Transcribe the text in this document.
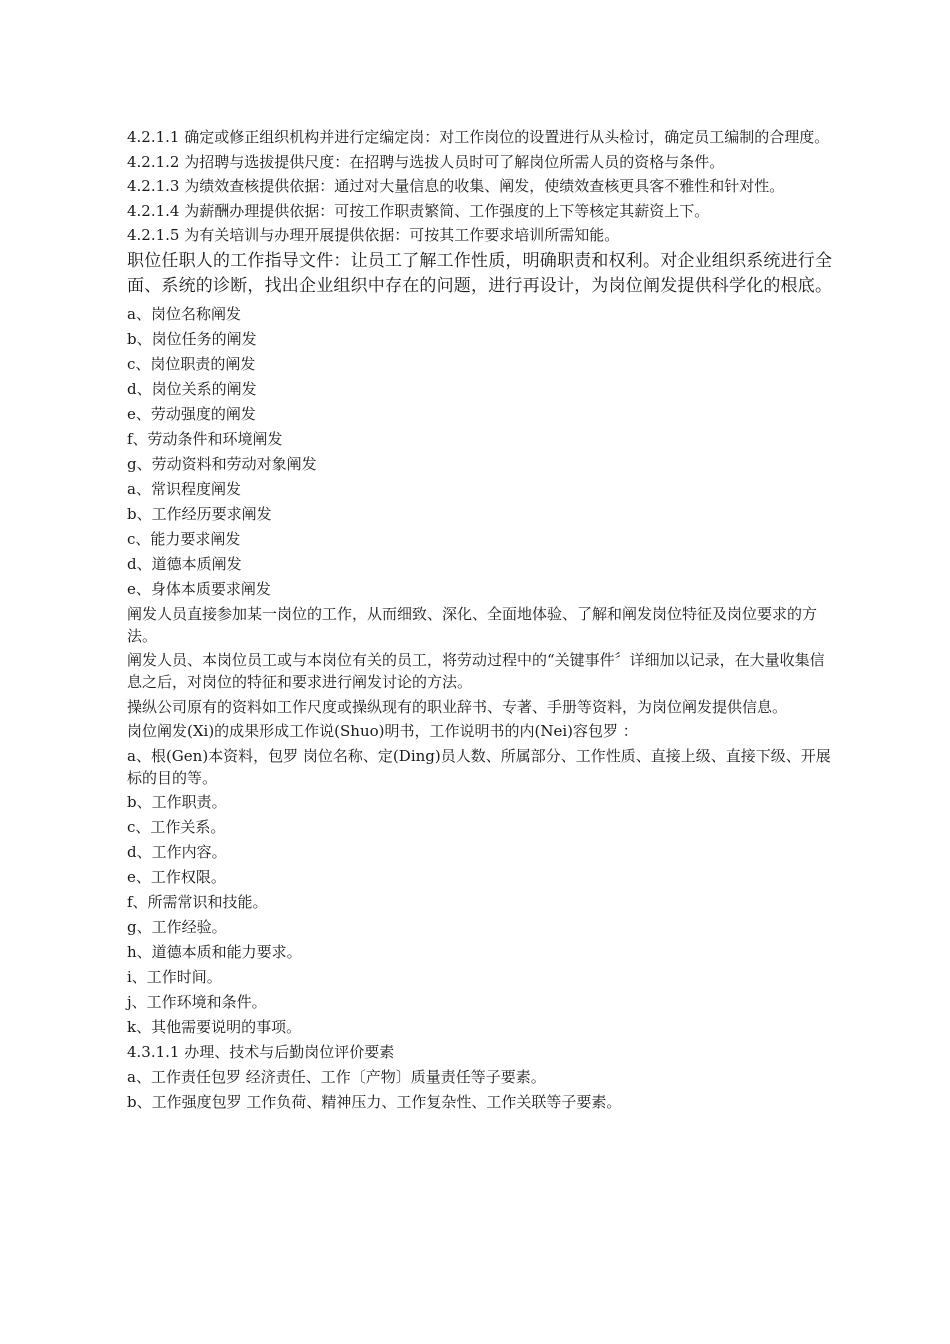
4.2.1.1 确定或修正组织机构并进行定编定岗：对工作岗位的设置进行从头检讨，确定员工编制的合理度。

4.2.1.2 为招聘与选拔提供尺度：在招聘与选拔人员时可了解岗位所需人员的资格与条件。

4.2.1.3 为绩效查核提供依据：通过对大量信息的收集、阐发，使绩效查核更具客不雅性和针对性。

4.2.1.4 为薪酬办理提供依据：可按工作职责繁简、工作强度的上下等核定其薪资上下。

4.2.1.5 为有关培训与办理开展提供依据：可按其工作要求培训所需知能。

职位任职人的工作指导文件：让员工了解工作性质，明确职责和权利。对企业组织系统进行全面、系统的诊断，找出企业组织中存在的问题，进行再设计，为岗位阐发提供科学化的根底。

a、岗位名称阐发

b、岗位任务的阐发

c、岗位职责的阐发

d、岗位关系的阐发

e、劳动强度的阐发

f、劳动条件和环境阐发

g、劳动资料和劳动对象阐发

a、常识程度阐发

b、工作经历要求阐发

c、能力要求阐发

d、道德本质阐发

e、身体本质要求阐发

阐发人员直接参加某一岗位的工作，从而细致、深化、全面地体验、了解和阐发岗位特征及岗位要求的方法。

阐发人员、本岗位员工或与本岗位有关的员工，将劳动过程中的“关键事件〞详细加以记录，在大量收集信息之后，对岗位的特征和要求进行阐发讨论的方法。

操纵公司原有的资料如工作尺度或操纵现有的职业辞书、专著、手册等资料，为岗位阐发提供信息。

岗位阐发(Xi)的成果形成工作说(Shuo)明书，工作说明书的内(Nei)容包罗 ：

a、根(Gen)本资料，包罗 岗位名称、定(Ding)员人数、所属部分、工作性质、直接上级、直接下级、开展标的目的等。

b、工作职责。

c、工作关系。

d、工作内容。

e、工作权限。

f、所需常识和技能。

g、工作经验。

h、道德本质和能力要求。

i、工作时间。

j、工作环境和条件。

k、其他需要说明的事项。

4.3.1.1 办理、技术与后勤岗位评价要素

a、工作责任包罗 经济责任、工作〔产物〕质量责任等子要素。

b、工作强度包罗 工作负荷、精神压力、工作复杂性、工作关联等子要素。
